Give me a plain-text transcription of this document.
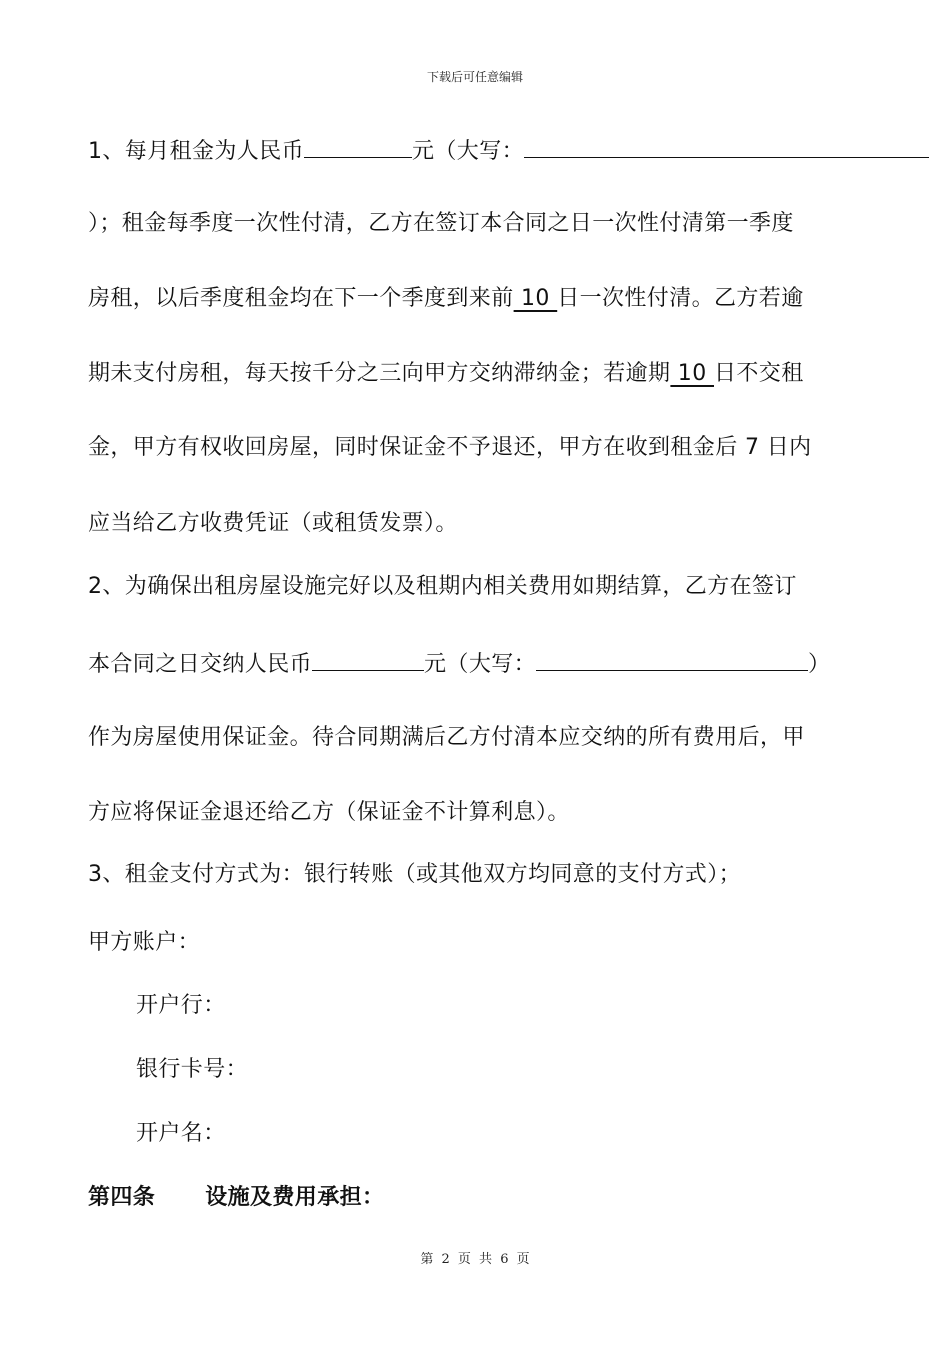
下载后可任意编辑
1、每月租金为人民币	元（大写：
）；租金每季度一次性付清，乙方在签订本合同之日一次性付清第一季度
房租，以后季度租金均在下一个季度到来前 10 日一次性付清。乙方若逾
期未支付房租，每天按千分之三向甲方交纳滞纳金；若逾期 10 日不交租
金，甲方有权收回房屋，同时保证金不予退还，甲方在收到租金后 7 日内
应当给乙方收费凭证（或租赁发票）。
2、为确保出租房屋设施完好以及租期内相关费用如期结算，乙方在签订
本合同之日交纳人民币	元（大写：	）
作为房屋使用保证金。待合同期满后乙方付清本应交纳的所有费用后，甲
方应将保证金退还给乙方（保证金不计算利息）。
3、租金支付方式为：银行转账（或其他双方均同意的支付方式）；
甲方账户：
开户行：
银行卡号：
开户名：
第四条 设施及费用承担：
第 2 页 共 6 页
